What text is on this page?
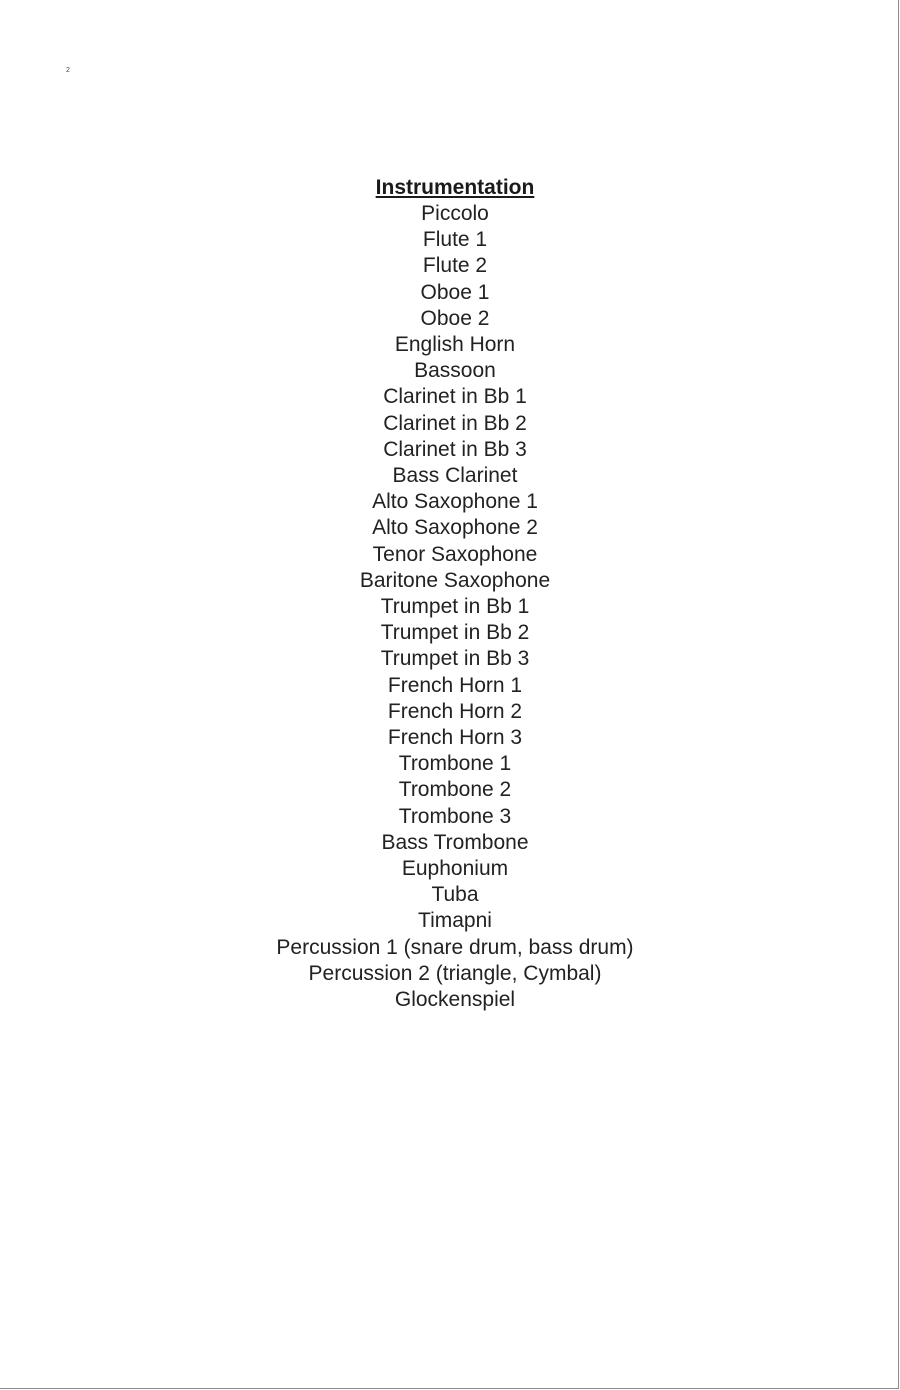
2
Instrumentation
Piccolo
Flute 1
Flute 2
Oboe 1
Oboe 2
English Horn
Bassoon
Clarinet in Bb 1
Clarinet in Bb 2
Clarinet in Bb 3
Bass Clarinet
Alto Saxophone 1
Alto Saxophone 2
Tenor Saxophone
Baritone Saxophone
Trumpet in Bb 1
Trumpet in Bb 2
Trumpet in Bb 3
French Horn 1
French Horn 2
French Horn 3
Trombone 1
Trombone 2
Trombone 3
Bass Trombone
Euphonium
Tuba
Timapni
Percussion 1 (snare drum, bass drum)
Percussion 2 (triangle, Cymbal)
Glockenspiel
